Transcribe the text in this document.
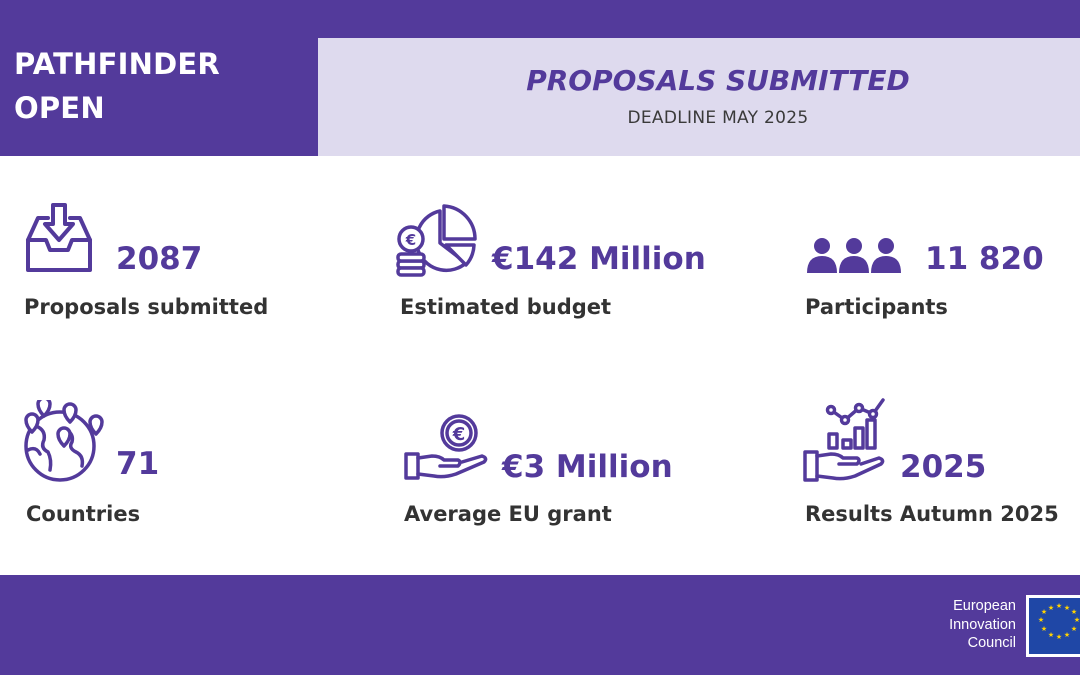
PATHFINDER
OPEN
PROPOSALS SUBMITTED
DEADLINE MAY 2025
2087
Proposals submitted
€
€142 Million
Estimated budget
11 820
Participants
71
Countries
€
€3 Million
Average EU grant
2025
Results Autumn 2025
European
Innovation
Council
★ ★
★
★
★
★
★
★
★
★ ★ ★
